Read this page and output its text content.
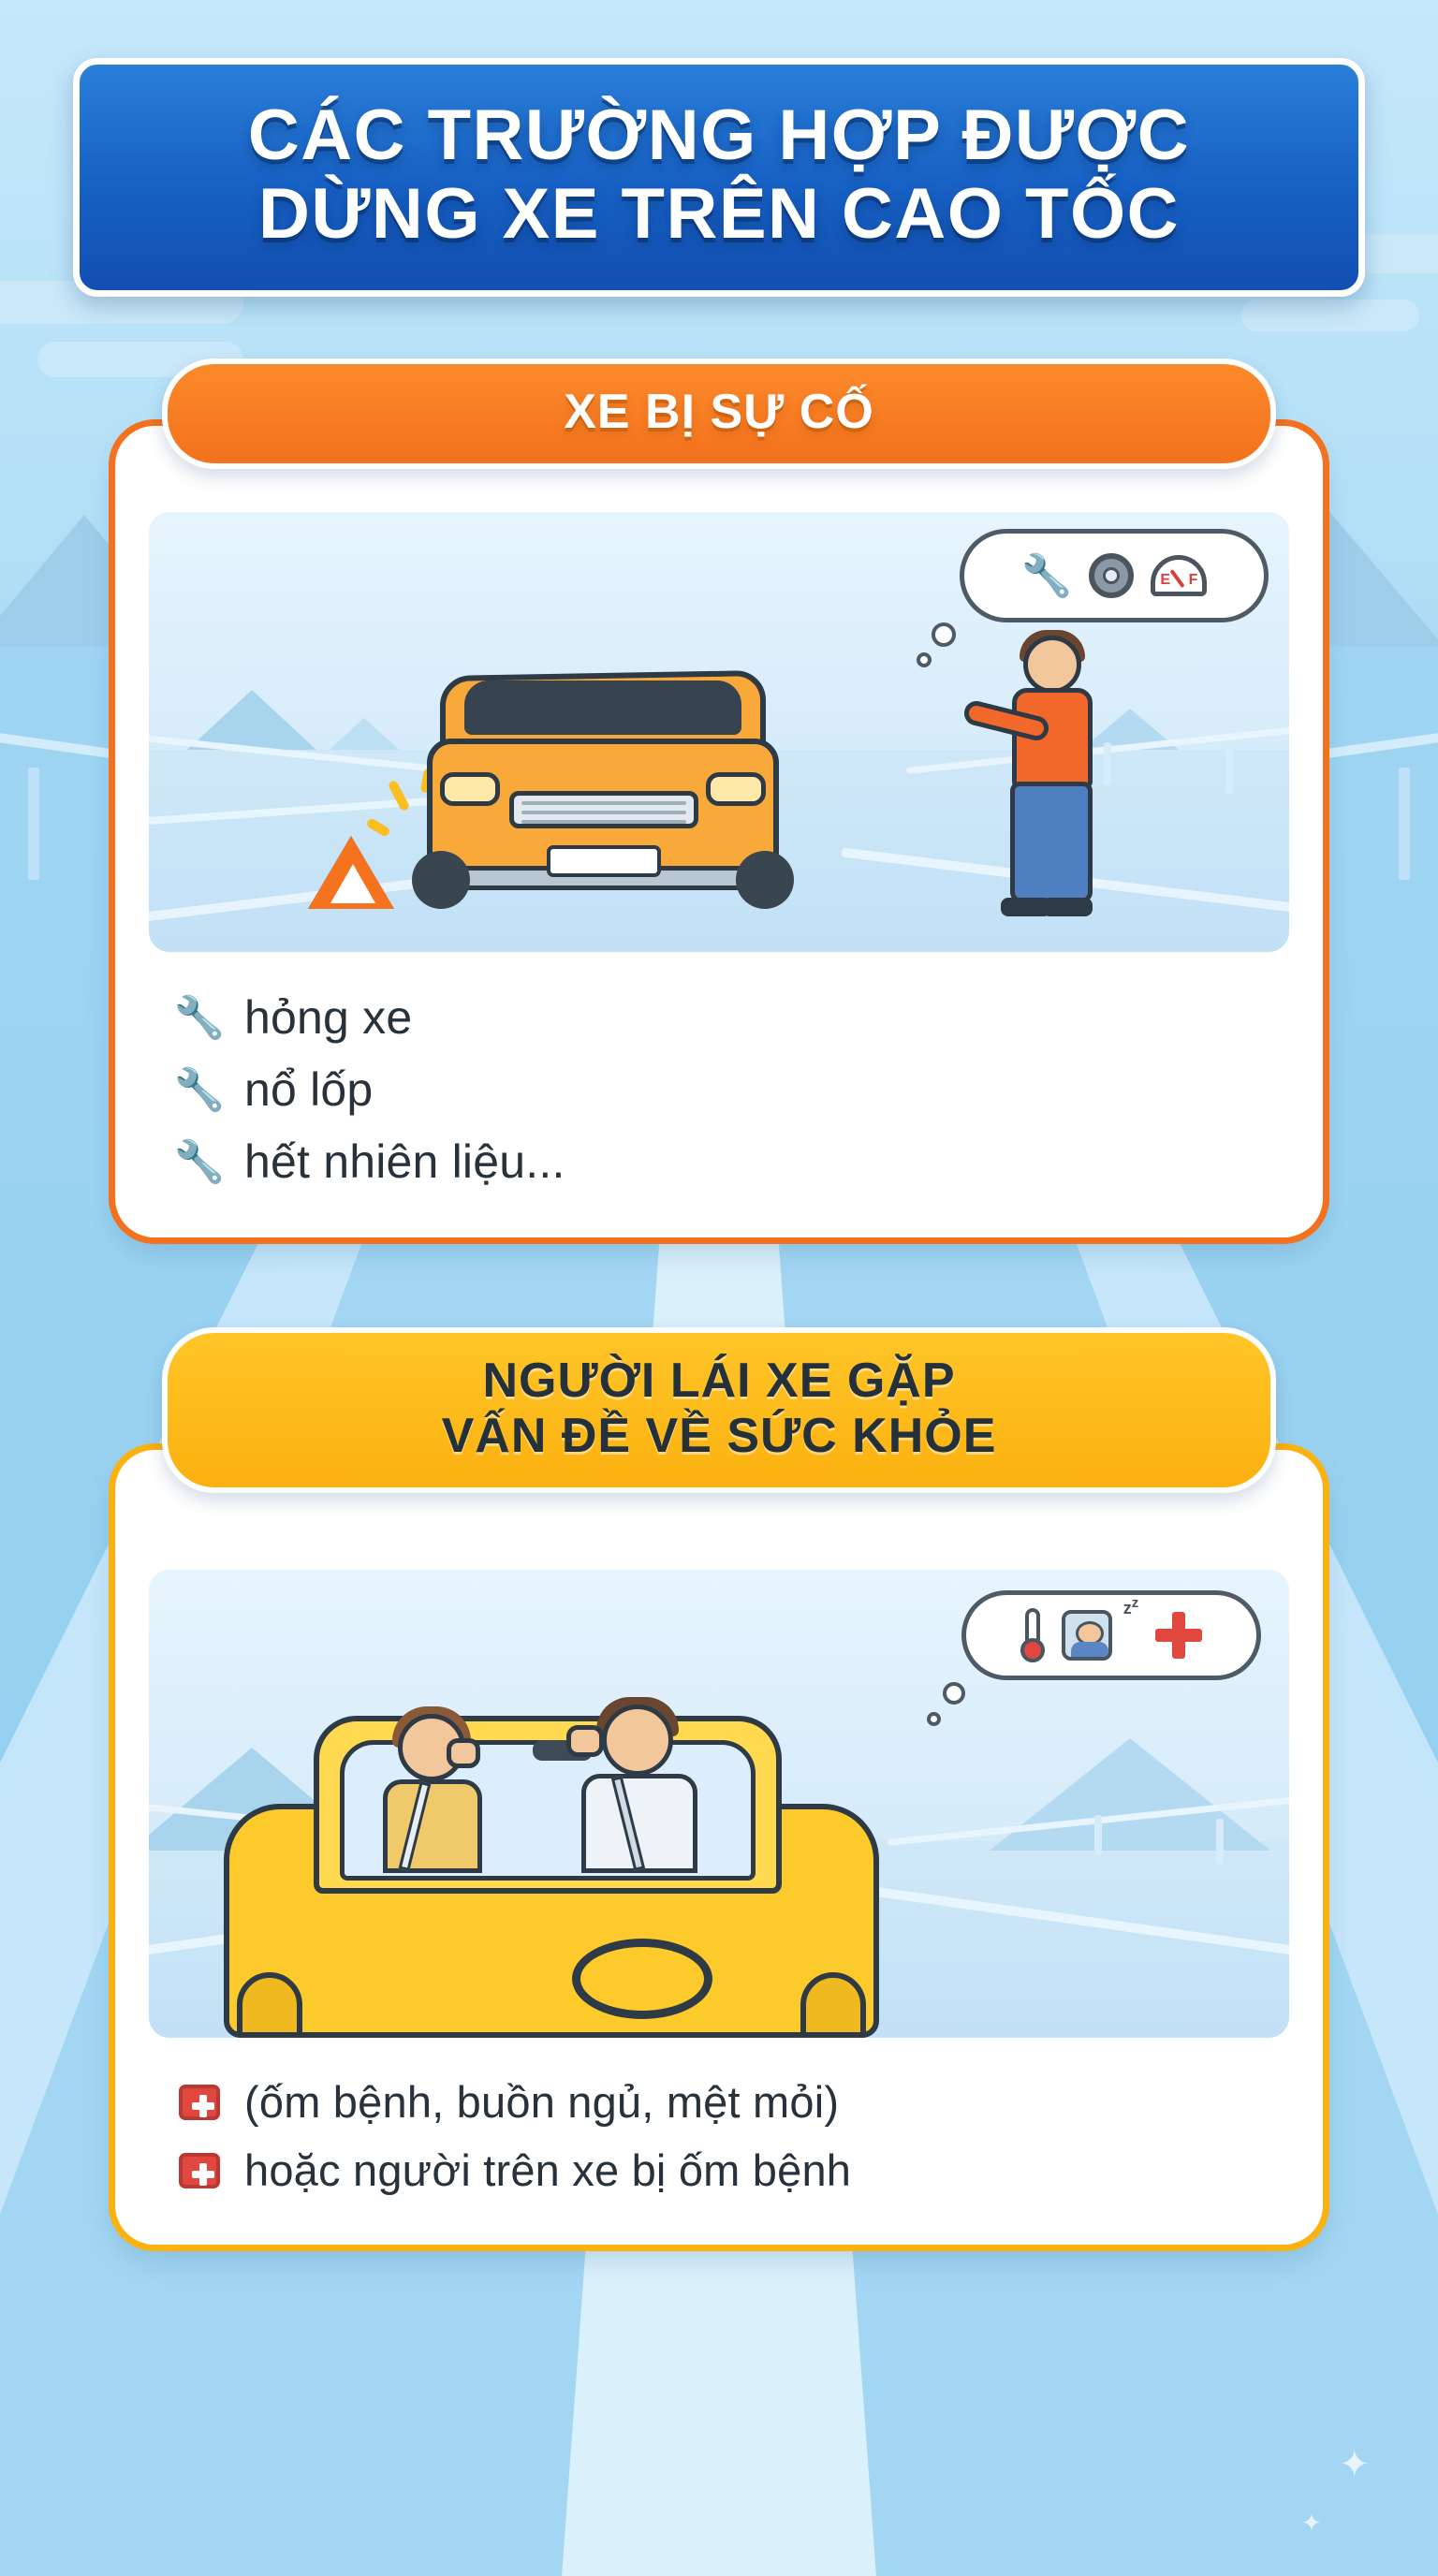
✦
✦
CÁC TRƯỜNG HỢP ĐƯỢC
DỪNG XE TRÊN CAO TỐC
XE BỊ SỰ CỐ
🔧	E F
🔧 hỏng xe
🔧 nổ lốp
🔧 hết nhiên liệu...
NGƯỜI LÁI XE GẶP
VẤN ĐỀ VỀ SỨC KHỎE
$z^z$
(ốm bệnh, buồn ngủ, mệt mỏi)
hoặc người trên xe bị ốm bệnh
